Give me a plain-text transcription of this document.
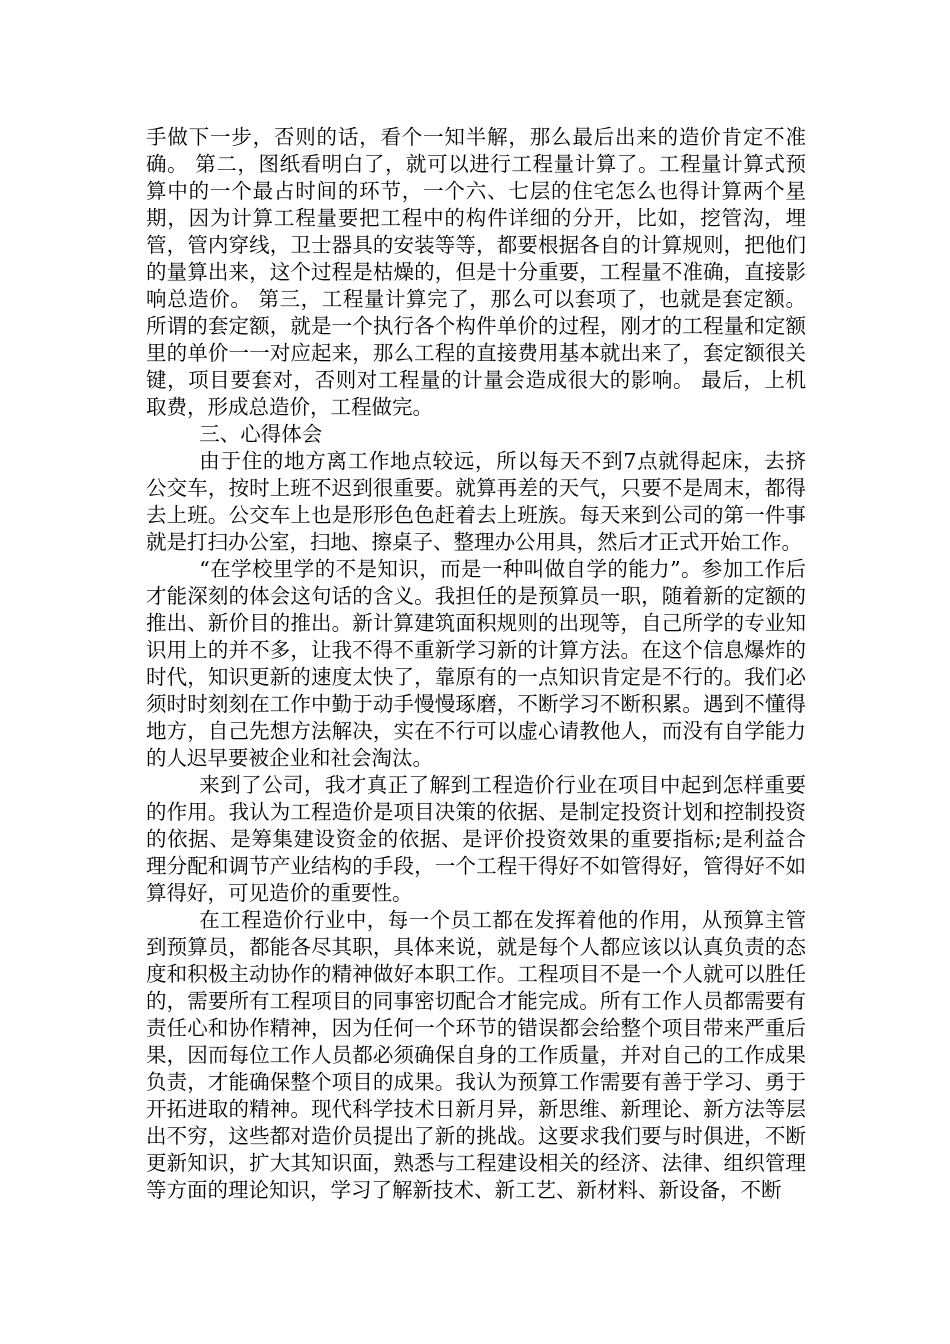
手做下一步，否则的话，看个一知半解，那么最后出来的造价肯定不准确。 第二，图纸看明白了，就可以进行工程量计算了。工程量计算式预算中的一个最占时间的环节，一个六、七层的住宅怎么也得计算两个星期，因为计算工程量要把工程中的构件详细的分开，比如，挖管沟，埋管，管内穿线，卫士器具的安装等等，都要根据各自的计算规则，把他们的量算出来，这个过程是枯燥的，但是十分重要，工程量不准确，直接影响总造价。 第三，工程量计算完了，那么可以套项了，也就是套定额。所谓的套定额，就是一个执行各个构件单价的过程，刚才的工程量和定额里的单价一一对应起来，那么工程的直接费用基本就出来了，套定额很关键，项目要套对，否则对工程量的计量会造成很大的影响。 最后，上机取费，形成总造价，工程做完。

三、心得体会

由于住的地方离工作地点较远，所以每天不到7点就得起床，去挤公交车，按时上班不迟到很重要。就算再差的天气，只要不是周末，都得去上班。公交车上也是形形色色赶着去上班族。每天来到公司的第一件事就是打扫办公室，扫地、擦桌子、整理办公用具，然后才正式开始工作。

“在学校里学的不是知识，而是一种叫做自学的能力”。参加工作后才能深刻的体会这句话的含义。我担任的是预算员一职，随着新的定额的推出、新价目的推出。新计算建筑面积规则的出现等，自己所学的专业知识用上的并不多，让我不得不重新学习新的计算方法。在这个信息爆炸的时代，知识更新的速度太快了，靠原有的一点知识肯定是不行的。我们必须时时刻刻在工作中勤于动手慢慢琢磨，不断学习不断积累。遇到不懂得地方，自己先想方法解决，实在不行可以虚心请教他人，而没有自学能力的人迟早要被企业和社会淘汰。

来到了公司，我才真正了解到工程造价行业在项目中起到怎样重要的作用。我认为工程造价是项目决策的依据、是制定投资计划和控制投资的依据、是筹集建设资金的依据、是评价投资效果的重要指标;是利益合理分配和调节产业结构的手段，一个工程干得好不如管得好，管得好不如算得好，可见造价的重要性。

在工程造价行业中，每一个员工都在发挥着他的作用，从预算主管到预算员，都能各尽其职，具体来说，就是每个人都应该以认真负责的态度和积极主动协作的精神做好本职工作。工程项目不是一个人就可以胜任的，需要所有工程项目的同事密切配合才能完成。所有工作人员都需要有责任心和协作精神，因为任何一个环节的错误都会给整个项目带来严重后果，因而每位工作人员都必须确保自身的工作质量，并对自己的工作成果负责，才能确保整个项目的成果。我认为预算工作需要有善于学习、勇于开拓进取的精神。现代科学技术日新月异，新思维、新理论、新方法等层出不穷，这些都对造价员提出了新的挑战。这要求我们要与时俱进，不断更新知识，扩大其知识面，熟悉与工程建设相关的经济、法律、组织管理等方面的理论知识，学习了解新技术、新工艺、新材料、新设备，不断
